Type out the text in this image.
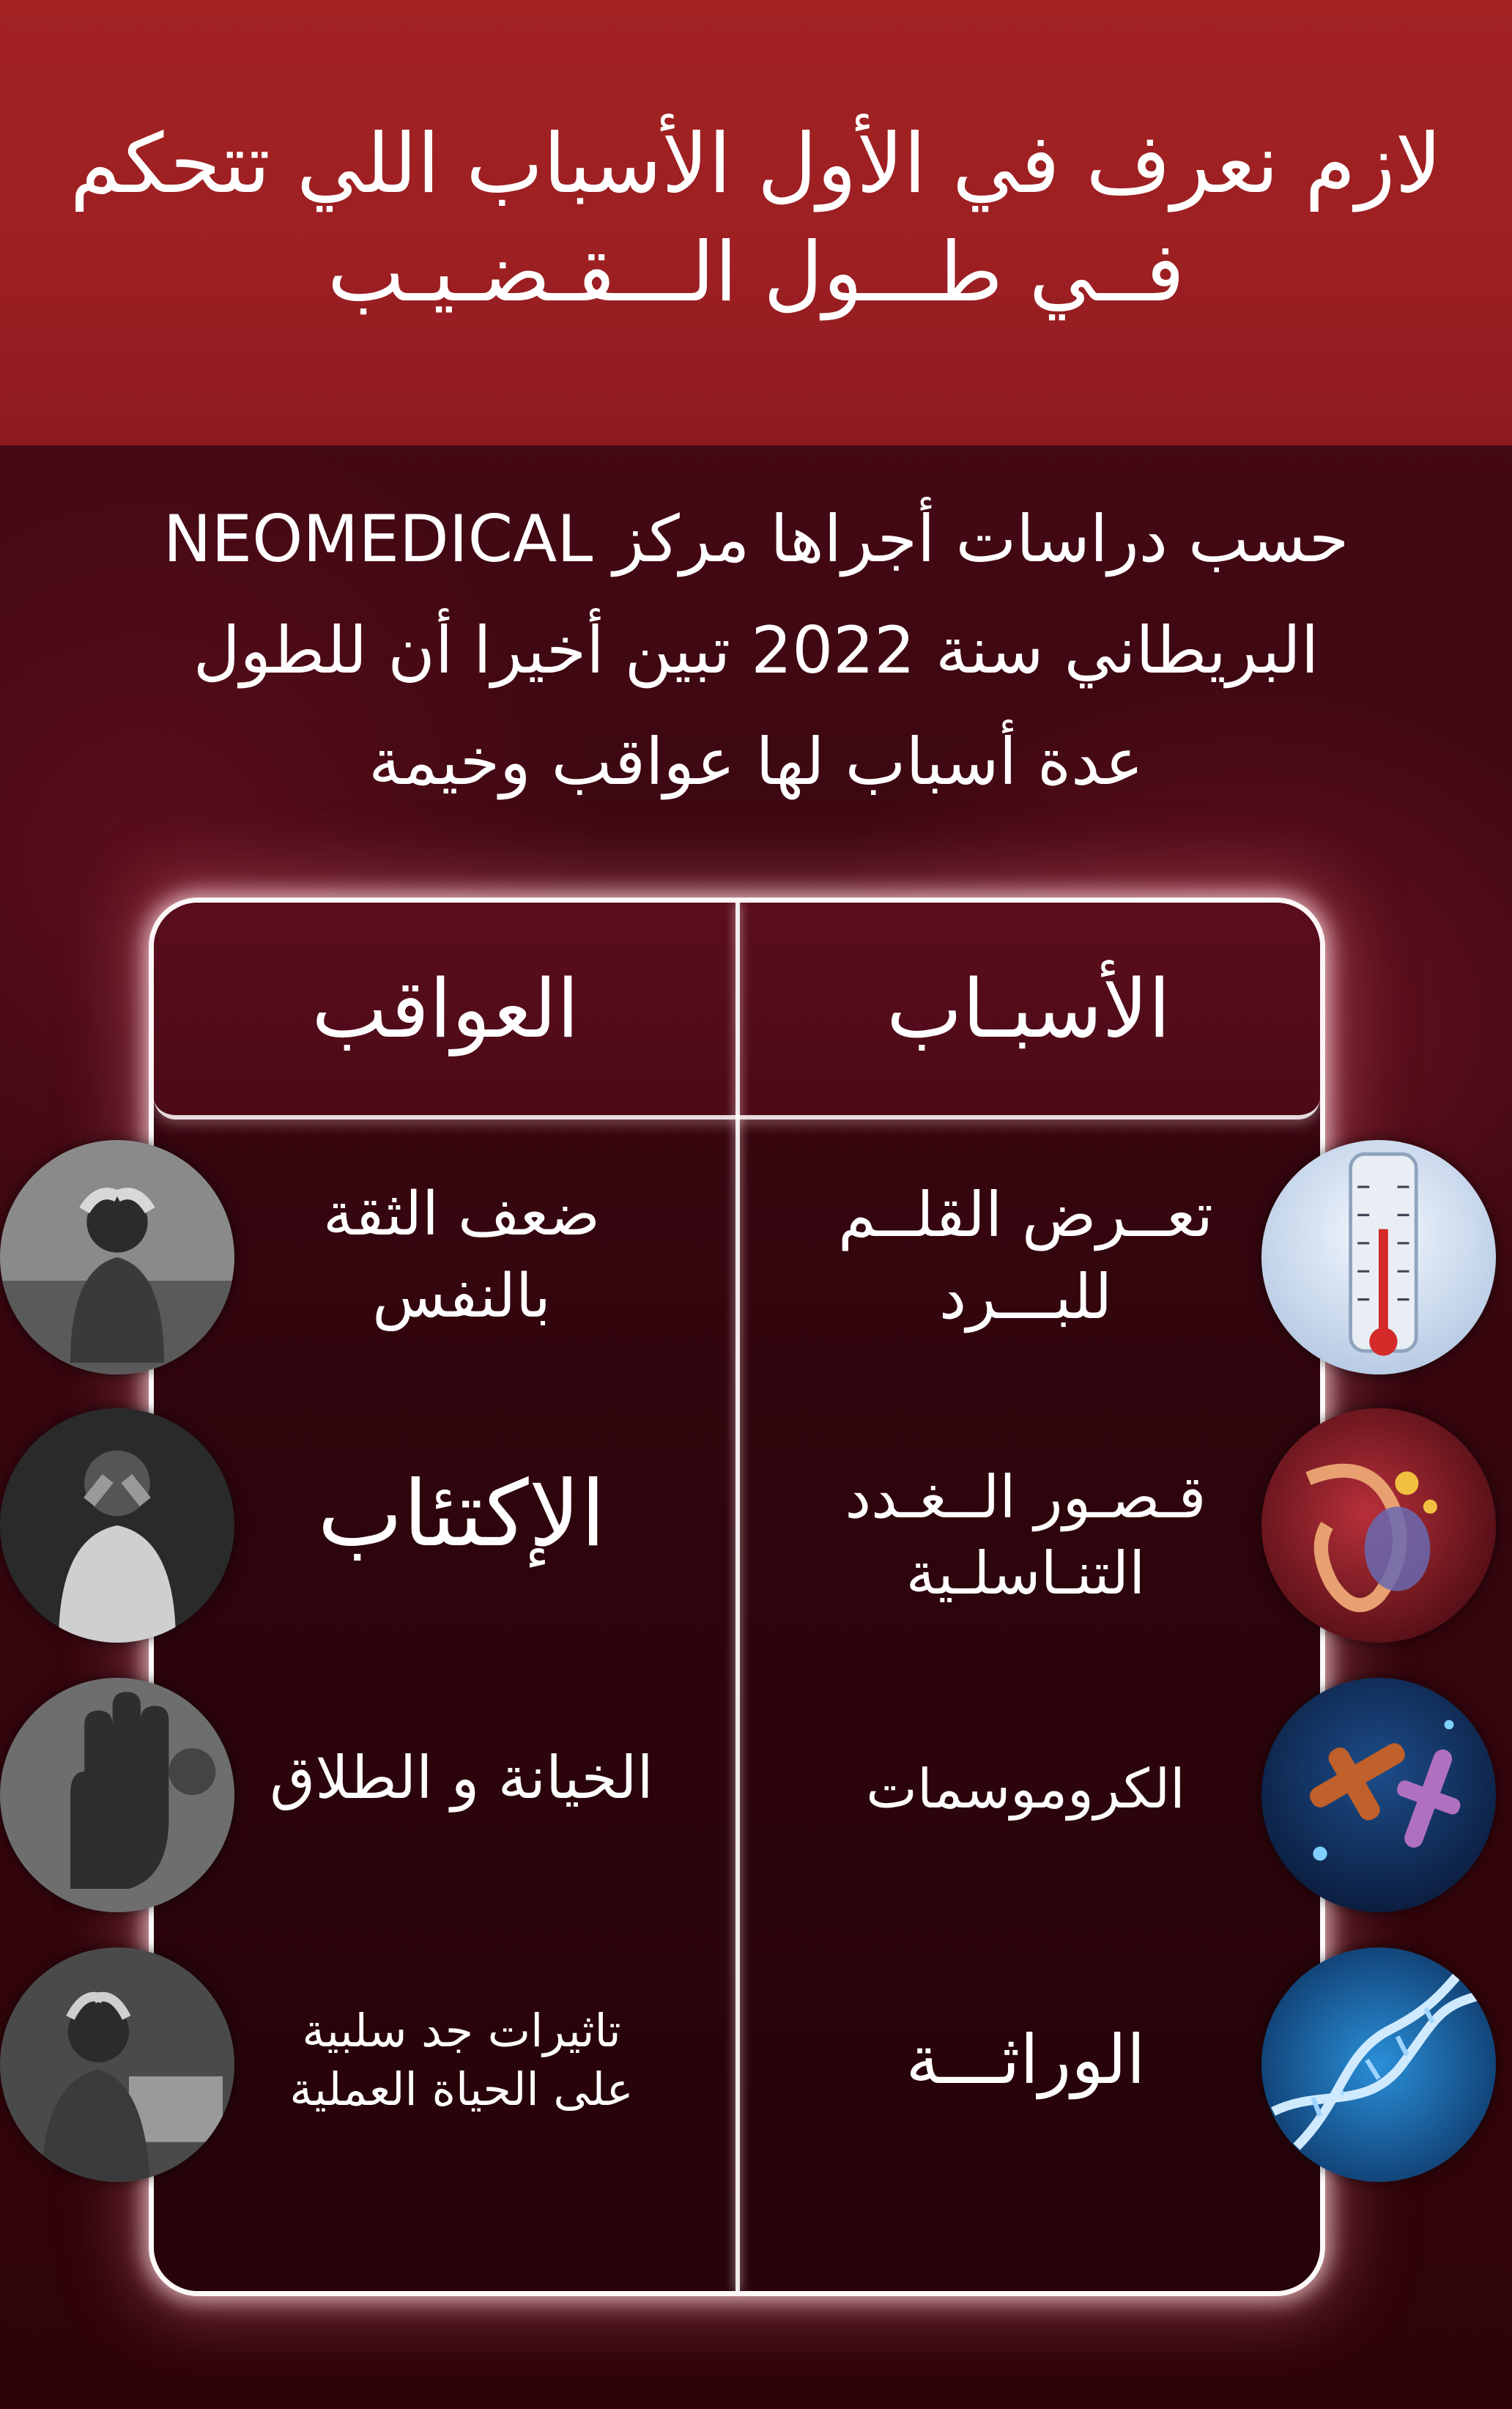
لازم نعرف في الأول الأسباب اللي تتحكم
فــي طـــول الـــقـضـيـب
حسب دراسات أجراها مركز NEOMEDICAL
البريطاني سنة 2022 تبين أخيرا أن للطول
عدة أسباب لها عواقب وخيمة
الأسبـاب
العواقب
تعــرض القلــم
للبـــرد
قـصـور الــغـدد
التنـاسلـية
الكروموسمات
الوراثـــة
ضعف الثقة
بالنفس
الإكتئاب
الخيانة و الطلاق
تاثيرات جد سلبية
على الحياة العملية
